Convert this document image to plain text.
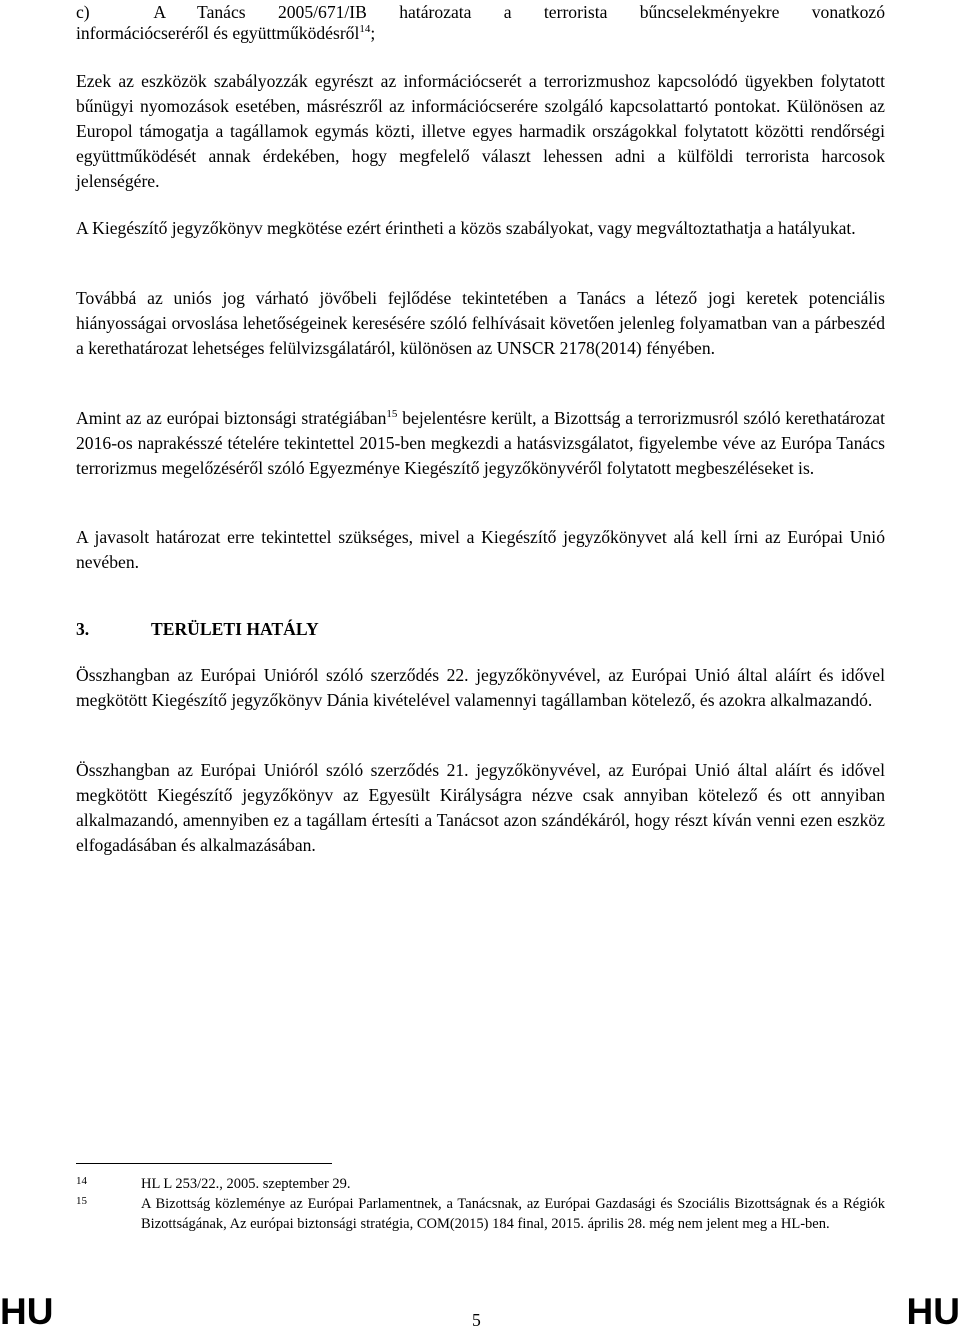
c)	A Tanács 2005/671/IB határozata a terrorista bűncselekményekre vonatkozó
információcseréről és együttműködésről$^{14}$;
Ezek az eszközök szabályozzák egyrészt az információcserét a terrorizmushoz kapcsolódó ügyekben folytatott bűnügyi nyomozások esetében, másrészről az információcserére szolgáló kapcsolattartó pontokat. Különösen az Europol támogatja a tagállamok egymás közti, illetve egyes harmadik országokkal folytatott közötti rendőrségi együttműködését annak érdekében, hogy megfelelő választ lehessen adni a külföldi terrorista harcosok jelenségére.
A Kiegészítő jegyzőkönyv megkötése ezért érintheti a közös szabályokat, vagy megváltoztathatja a hatályukat.
Továbbá az uniós jog várható jövőbeli fejlődése tekintetében a Tanács a létező jogi keretek potenciális hiányosságai orvoslása lehetőségeinek keresésére szóló felhívásait követően jelenleg folyamatban van a párbeszéd a kerethatározat lehetséges felülvizsgálatáról, különösen az UNSCR 2178(2014) fényében.
Amint az az európai biztonsági stratégiában$^{15}$ bejelentésre került, a Bizottság a terrorizmusról szóló kerethatározat 2016-os naprakésszé tételére tekintettel 2015-ben megkezdi a hatásvizsgálatot, figyelembe véve az Európa Tanács terrorizmus megelőzéséről szóló Egyezménye Kiegészítő jegyzőkönyvéről folytatott megbeszéléseket is.
A javasolt határozat erre tekintettel szükséges, mivel a Kiegészítő jegyzőkönyvet alá kell írni az Európai Unió nevében.
3.	TERÜLETI HATÁLY
Összhangban az Európai Unióról szóló szerződés 22. jegyzőkönyvével, az Európai Unió által aláírt és idővel megkötött Kiegészítő jegyzőkönyv Dánia kivételével valamennyi tagállamban kötelező, és azokra alkalmazandó.
Összhangban az Európai Unióról szóló szerződés 21. jegyzőkönyvével, az Európai Unió által aláírt és idővel megkötött Kiegészítő jegyzőkönyv az Egyesült Királyságra nézve csak annyiban kötelező és ott annyiban alkalmazandó, amennyiben ez a tagállam értesíti a Tanácsot azon szándékáról, hogy részt kíván venni ezen eszköz elfogadásában és alkalmazásában.
14	HL L 253/22., 2005. szeptember 29.
15	A Bizottság közleménye az Európai Parlamentnek, a Tanácsnak, az Európai Gazdasági és Szociális Bizottságnak és a Régiók Bizottságának, Az európai biztonsági stratégia, COM(2015) 184 final, 2015. április 28. még nem jelent meg a HL-ben.
HU	5	HU
